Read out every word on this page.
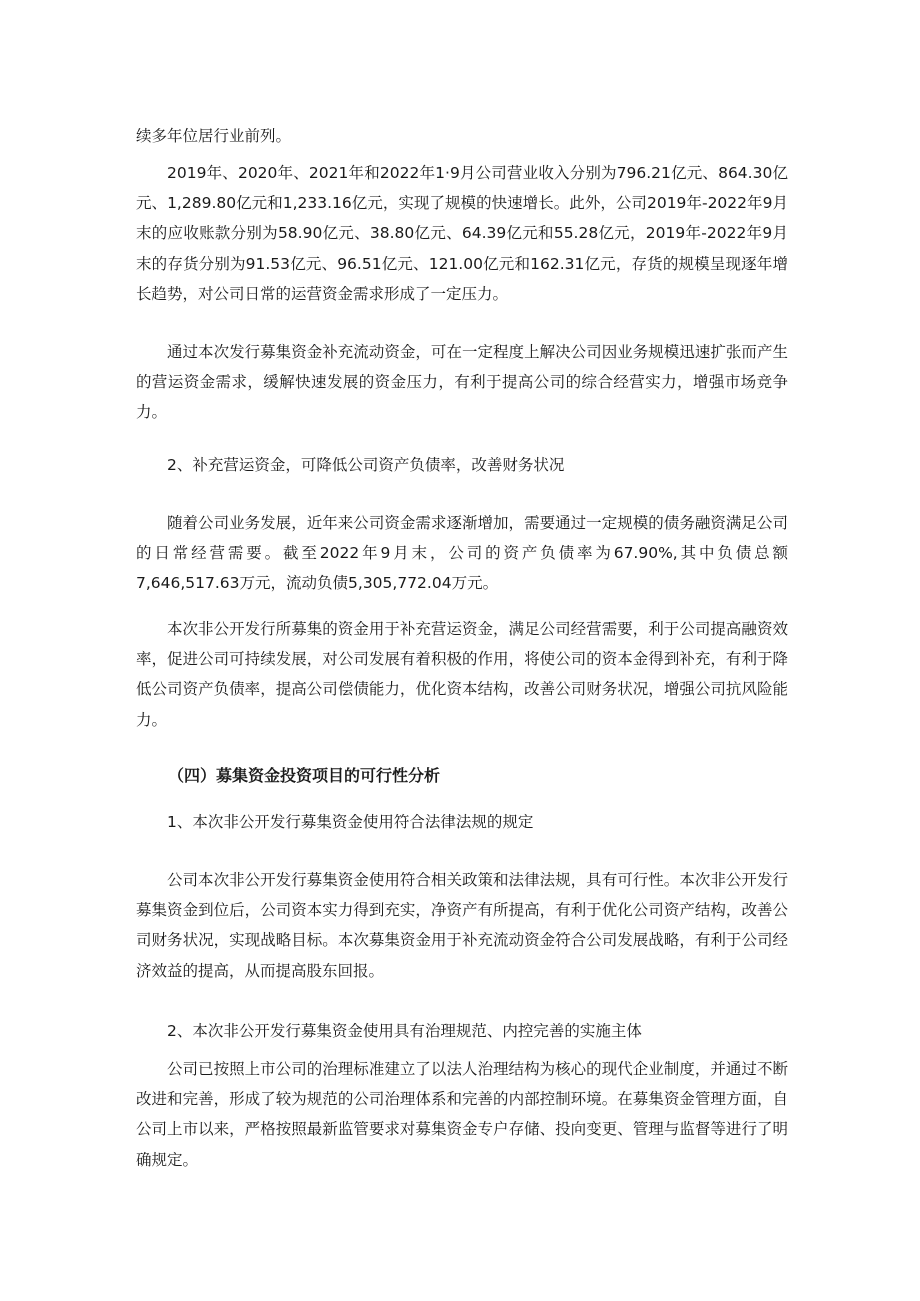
续多年位居行业前列。

2019年、2020年、2021年和2022年1·9月公司营业收入分别为796.21亿元、864.30亿元、1,289.80亿元和1,233.16亿元，实现了规模的快速增长。此外，公司2019年-2022年9月末的应收账款分别为58.90亿元、38.80亿元、64.39亿元和55.28亿元，2019年-2022年9月末的存货分别为91.53亿元、96.51亿元、121.00亿元和162.31亿元，存货的规模呈现逐年增长趋势，对公司日常的运营资金需求形成了一定压力。

通过本次发行募集资金补充流动资金，可在一定程度上解决公司因业务规模迅速扩张而产生的营运资金需求，缓解快速发展的资金压力，有利于提高公司的综合经营实力，增强市场竞争力。

2、补充营运资金，可降低公司资产负债率，改善财务状况

随着公司业务发展，近年来公司资金需求逐渐增加，需要通过一定规模的债务融资满足公司的日常经营需要。截至2022年9月末，公司的资产负债率为67.90%,其中负债总额7,646,517.63万元，流动负债5,305,772.04万元。

本次非公开发行所募集的资金用于补充营运资金，满足公司经营需要，利于公司提高融资效率，促进公司可持续发展，对公司发展有着积极的作用，将使公司的资本金得到补充，有利于降低公司资产负债率，提高公司偿债能力，优化资本结构，改善公司财务状况，增强公司抗风险能力。

（四）募集资金投资项目的可行性分析

1、本次非公开发行募集资金使用符合法律法规的规定

公司本次非公开发行募集资金使用符合相关政策和法律法规，具有可行性。本次非公开发行募集资金到位后，公司资本实力得到充实，净资产有所提高，有利于优化公司资产结构，改善公司财务状况，实现战略目标。本次募集资金用于补充流动资金符合公司发展战略，有利于公司经济效益的提高，从而提高股东回报。

2、本次非公开发行募集资金使用具有治理规范、内控完善的实施主体

公司已按照上市公司的治理标准建立了以法人治理结构为核心的现代企业制度，并通过不断改进和完善，形成了较为规范的公司治理体系和完善的内部控制环境。在募集资金管理方面，自公司上市以来，严格按照最新监管要求对募集资金专户存储、投向变更、管理与监督等进行了明确规定。
